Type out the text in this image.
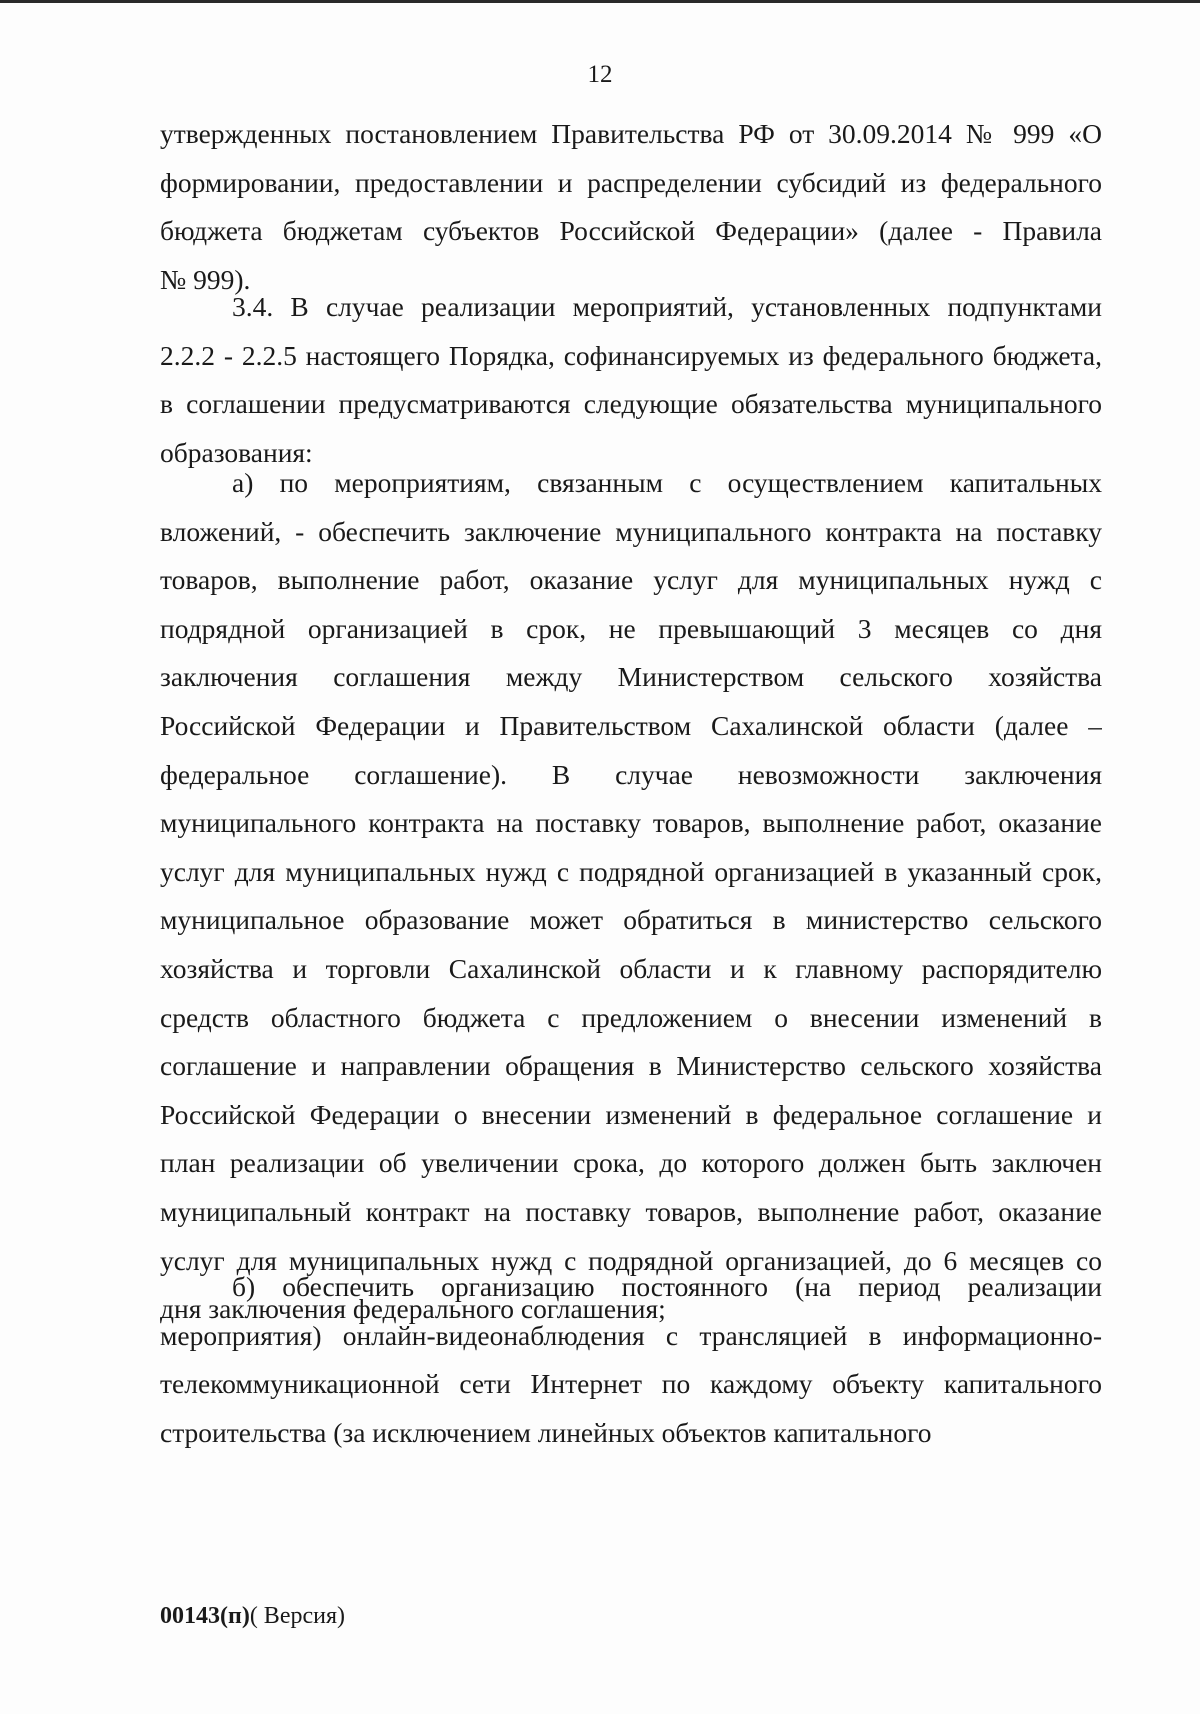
12
утвержденных постановлением Правительства РФ от 30.09.2014 № 999 «О
формировании, предоставлении и распределении субсидий из федерального
бюджета бюджетам субъектов Российской Федерации» (далее - Правила
№ 999).
3.4. В случае реализации мероприятий, установленных подпунктами
2.2.2 - 2.2.5 настоящего Порядка, софинансируемых из федерального бюджета,
в соглашении предусматриваются следующие обязательства муниципального
образования:
а) по мероприятиям, связанным с осуществлением капитальных
вложений, - обеспечить заключение муниципального контракта на поставку
товаров, выполнение работ, оказание услуг для муниципальных нужд с
подрядной организацией в срок, не превышающий 3 месяцев со дня
заключения соглашения между Министерством сельского хозяйства
Российской Федерации и Правительством Сахалинской области (далее –
федеральное соглашение). В случае невозможности заключения
муниципального контракта на поставку товаров, выполнение работ, оказание
услуг для муниципальных нужд с подрядной организацией в указанный срок,
муниципальное образование может обратиться в министерство сельского
хозяйства и торговли Сахалинской области и к главному распорядителю
средств областного бюджета с предложением о внесении изменений в
соглашение и направлении обращения в Министерство сельского хозяйства
Российской Федерации о внесении изменений в федеральное соглашение и
план реализации об увеличении срока, до которого должен быть заключен
муниципальный контракт на поставку товаров, выполнение работ, оказание
услуг для муниципальных нужд с подрядной организацией, до 6 месяцев со
дня заключения федерального соглашения;
б) обеспечить организацию постоянного (на период реализации
мероприятия) онлайн-видеонаблюдения с трансляцией в информационно-
телекоммуникационной сети Интернет по каждому объекту капитального
строительства (за исключением линейных объектов капитального
00143(п)( Версия)
